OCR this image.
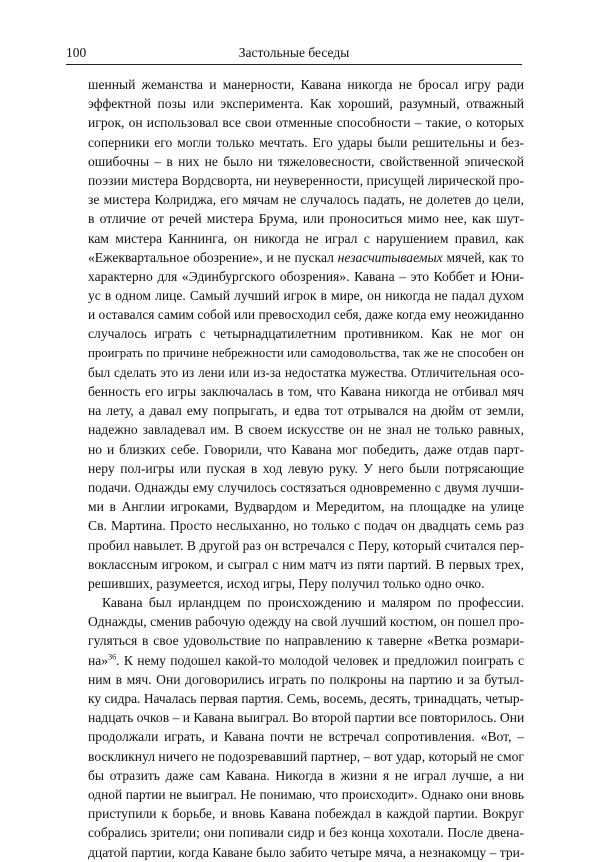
100	Застольные беседы
шенный жеманства и манерности, Кавана никогда не бросал игру ради
эффектной позы или эксперимента. Как хороший, разумный, отважный
игрок, он использовал все свои отменные способности – такие, о которых
соперники его могли только мечтать. Его удары были решительны и без-
ошибочны – в них не было ни тяжеловесности, свойственной эпической
поэзии мистера Вордсворта, ни неуверенности, присущей лирической про-
зе мистера Колриджа, его мячам не случалось падать, не долетев до цели,
в отличие от речей мистера Брума, или проноситься мимо нее, как шут-
кам мистера Каннинга, он никогда не играл с нарушением правил, как
«Ежеквартальное обозрение», и не пускал незасчитываемых мячей, как то
характерно для «Эдинбургского обозрения». Кавана – это Коббет и Юни-
ус в одном лице. Самый лучший игрок в мире, он никогда не падал духом
и оставался самим собой или превосходил себя, даже когда ему неожиданно
случалось играть с четырнадцатилетним противником. Как не мог он
проиграть по причине небрежности или самодовольства, так же не способен он
был сделать это из лени или из-за недостатка мужества. Отличительная осо-
бенность его игры заключалась в том, что Кавана никогда не отбивал мяч
на лету, а давал ему попрыгать, и едва тот отрывался на дюйм от земли,
надежно завладевал им. В своем искусстве он не знал не только равных,
но и близких себе. Говорили, что Кавана мог победить, даже отдав парт-
неру пол-игры или пуская в ход левую руку. У него были потрясающие
подачи. Однажды ему случилось состязаться одновременно с двумя лучши-
ми в Англии игроками, Вудвардом и Мередитом, на площадке на улице
Св. Мартина. Просто неслыханно, но только с подач он двадцать семь раз
пробил навылет. В другой раз он встречался с Перу, который считался пер-
воклассным игроком, и сыграл с ним матч из пяти партий. В первых трех,
решивших, разумеется, исход игры, Перу получил только одно очко.
Кавана был ирландцем по происхождению и маляром по профессии.
Однажды, сменив рабочую одежду на свой лучший костюм, он пошел про-
гуляться в свое удовольствие по направлению к таверне «Ветка розмари-
на»$^{36}$. К нему подошел какой-то молодой человек и предложил поиграть с
ним в мяч. Они договорились играть по полкроны на партию и за бутыл-
ку сидра. Началась первая партия. Семь, восемь, десять, тринадцать, четыр-
надцать очков – и Кавана выиграл. Во второй партии все повторилось. Они
продолжали играть, и Кавана почти не встречал сопротивления. «Вот, –
воскликнул ничего не подозревавший партнер, – вот удар, который не смог
бы отразить даже сам Кавана. Никогда в жизни я не играл лучше, а ни
одной партии не выиграл. Не понимаю, что происходит». Однако они вновь
приступили к борьбе, и вновь Кавана побеждал в каждой партии. Вокруг
собрались зрители; они попивали сидр и без конца хохотали. После двена-
дцатой партии, когда Каване было забито четыре мяча, а незнакомцу – три-
